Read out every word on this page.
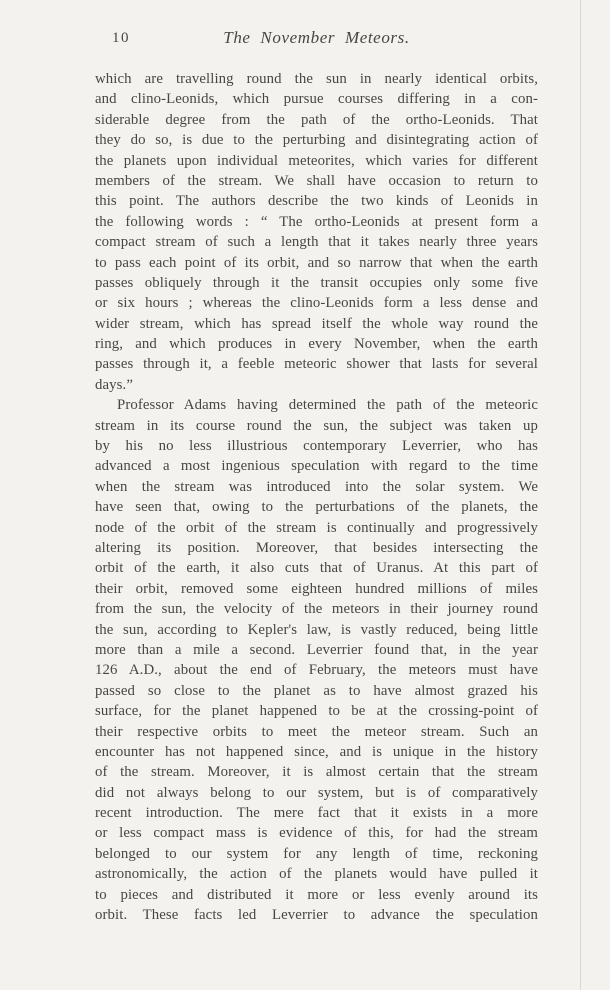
10	The November Meteors.
which are travelling round the sun in nearly identical orbits,
and clino-Leonids, which pursue courses differing in a con-
siderable degree from the path of the ortho-Leonids. That
they do so, is due to the perturbing and disintegrating action of
the planets upon individual meteorites, which varies for different
members of the stream. We shall have occasion to return to
this point. The authors describe the two kinds of Leonids in
the following words : “ The ortho-Leonids at present form a
compact stream of such a length that it takes nearly three years
to pass each point of its orbit, and so narrow that when the earth
passes obliquely through it the transit occupies only some five
or six hours ; whereas the clino-Leonids form a less dense and
wider stream, which has spread itself the whole way round the
ring, and which produces in every November, when the earth
passes through it, a feeble meteoric shower that lasts for several
days.”
Professor Adams having determined the path of the meteoric
stream in its course round the sun, the subject was taken up
by his no less illustrious contemporary Leverrier, who has
advanced a most ingenious speculation with regard to the time
when the stream was introduced into the solar system. We
have seen that, owing to the perturbations of the planets, the
node of the orbit of the stream is continually and progressively
altering its position. Moreover, that besides intersecting the
orbit of the earth, it also cuts that of Uranus. At this part of
their orbit, removed some eighteen hundred millions of miles
from the sun, the velocity of the meteors in their journey round
the sun, according to Kepler's law, is vastly reduced, being little
more than a mile a second. Leverrier found that, in the year
126 A.D., about the end of February, the meteors must have
passed so close to the planet as to have almost grazed his
surface, for the planet happened to be at the crossing-point of
their respective orbits to meet the meteor stream. Such an
encounter has not happened since, and is unique in the history
of the stream. Moreover, it is almost certain that the stream
did not always belong to our system, but is of comparatively
recent introduction. The mere fact that it exists in a more
or less compact mass is evidence of this, for had the stream
belonged to our system for any length of time, reckoning
astronomically, the action of the planets would have pulled it
to pieces and distributed it more or less evenly around its
orbit. These facts led Leverrier to advance the speculation
